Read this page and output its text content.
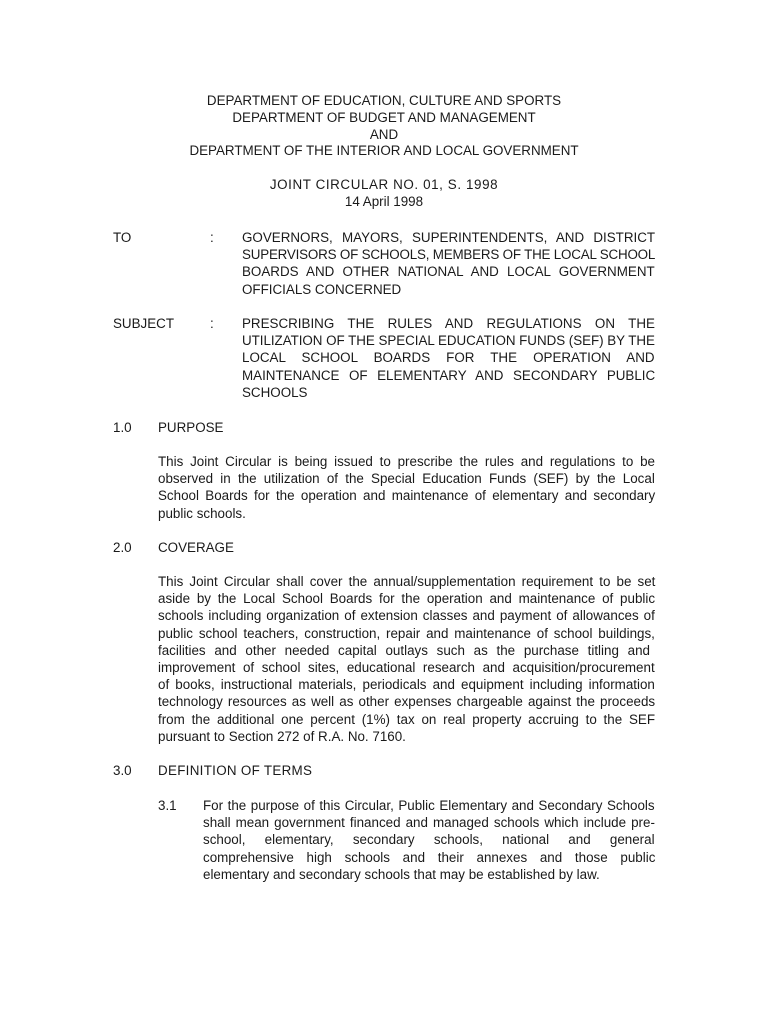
DEPARTMENT OF EDUCATION, CULTURE AND SPORTS
DEPARTMENT OF BUDGET AND MANAGEMENT
AND
DEPARTMENT OF THE INTERIOR AND LOCAL GOVERNMENT
JOINT CIRCULAR NO. 01, S. 1998
14 April 1998
TO	: GOVERNORS, MAYORS, SUPERINTENDENTS, AND DISTRICT
SUPERVISORS OF SCHOOLS, MEMBERS OF THE LOCAL SCHOOL
BOARDS AND OTHER NATIONAL AND LOCAL GOVERNMENT
OFFICIALS CONCERNED
SUBJECT	: PRESCRIBING THE RULES AND REGULATIONS ON THE
UTILIZATION OF THE SPECIAL EDUCATION FUNDS (SEF) BY THE
LOCAL SCHOOL BOARDS FOR THE OPERATION AND
MAINTENANCE OF ELEMENTARY AND SECONDARY PUBLIC
SCHOOLS
1.0 PURPOSE
This Joint Circular is being issued to prescribe the rules and regulations to be
observed in the utilization of the Special Education Funds (SEF) by the Local
School Boards for the operation and maintenance of elementary and secondary
public schools.
2.0 COVERAGE
This Joint Circular shall cover the annual/supplementation requirement to be set
aside by the Local School Boards for the operation and maintenance of public
schools including organization of extension classes and payment of allowances of
public school teachers, construction, repair and maintenance of school buildings,
facilities and other needed capital outlays such as the purchase titling and
improvement of school sites, educational research and acquisition/procurement
of books, instructional materials, periodicals and equipment including information
technology resources as well as other expenses chargeable against the proceeds
from the additional one percent (1%) tax on real property accruing to the SEF
pursuant to Section 272 of R.A. No. 7160.
3.0 DEFINITION OF TERMS
3.1 For the purpose of this Circular, Public Elementary and Secondary Schools
shall mean government financed and managed schools which include pre-
school, elementary, secondary schools, national and general
comprehensive high schools and their annexes and those public
elementary and secondary schools that may be established by law.
